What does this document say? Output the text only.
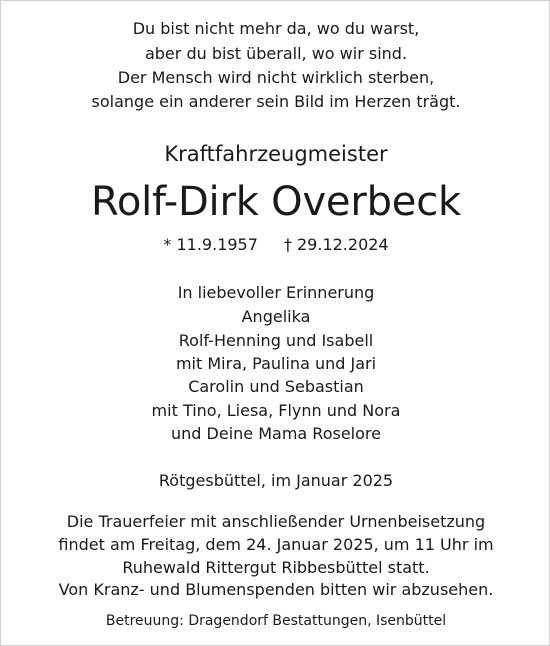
Du bist nicht mehr da, wo du warst,
aber du bist überall, wo wir sind.
Der Mensch wird nicht wirklich sterben,
solange ein anderer sein Bild im Herzen trägt.
Kraftfahrzeugmeister
Rolf-Dirk Overbeck
* 11.9.1957 † 29.12.2024
In liebevoller Erinnerung
Angelika
Rolf-Henning und Isabell
mit Mira, Paulina und Jari
Carolin und Sebastian
mit Tino, Liesa, Flynn und Nora
und Deine Mama Roselore
Rötgesbüttel, im Januar 2025
Die Trauerfeier mit anschließender Urnenbeisetzung
findet am Freitag, dem 24. Januar 2025, um 11 Uhr im
Ruhewald Rittergut Ribbesbüttel statt.
Von Kranz- und Blumenspenden bitten wir abzusehen.
Betreuung: Dragendorf Bestattungen, Isenbüttel
